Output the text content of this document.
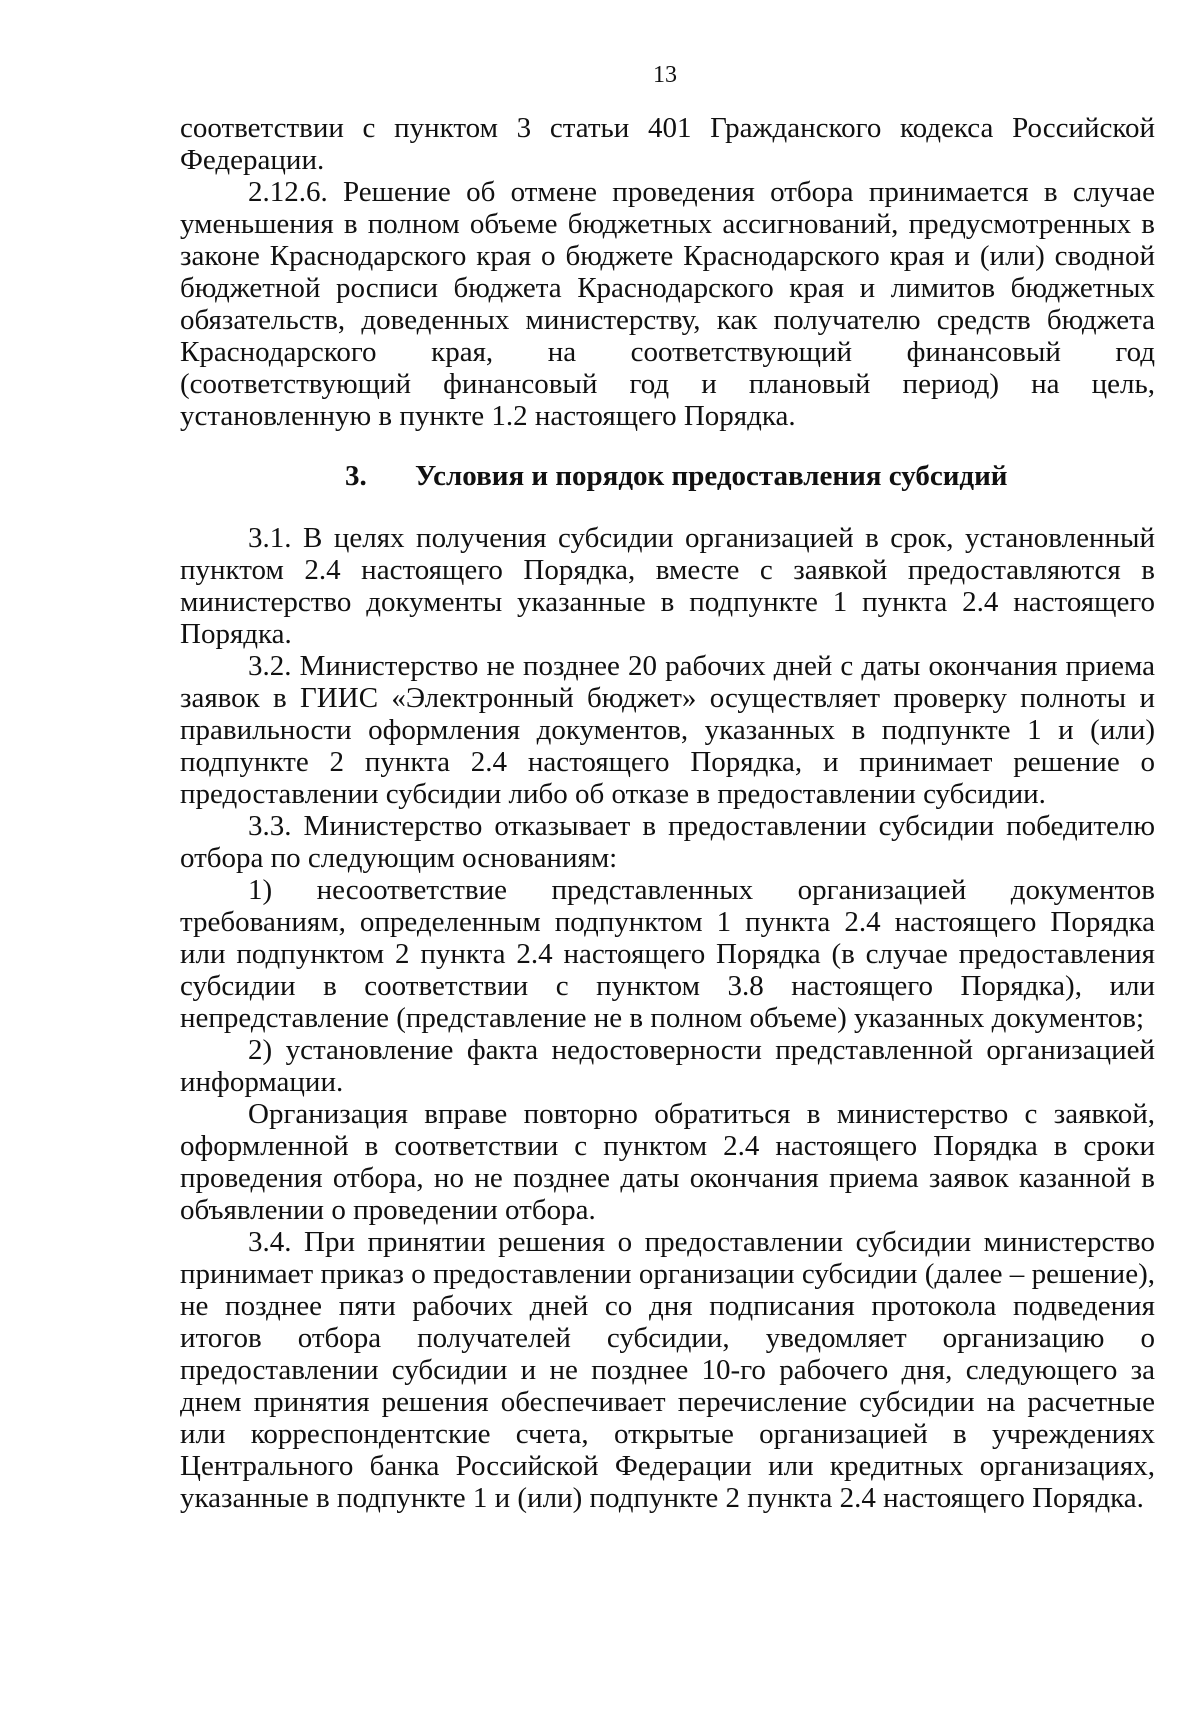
13

соответствии с пунктом 3 статьи 401 Гражданского кодекса Российской Федерации.

2.12.6. Решение об отмене проведения отбора принимается в случае уменьшения в полном объеме бюджетных ассигнований, предусмотренных в законе Краснодарского края о бюджете Краснодарского края и (или) сводной бюджетной росписи бюджета Краснодарского края и лимитов бюджетных обязательств, доведенных министерству, как получателю средств бюджета Краснодарского края, на соответствующий финансовый год (соответствующий финансовый год и плановый период) на цель, установленную в пункте 1.2 настоящего Порядка.

3. Условия и порядок предоставления субсидий

3.1. В целях получения субсидии организацией в срок, установленный пунктом 2.4 настоящего Порядка, вместе с заявкой предоставляются в министерство документы указанные в подпункте 1 пункта 2.4 настоящего Порядка.

3.2. Министерство не позднее 20 рабочих дней с даты окончания приема заявок в ГИИС «Электронный бюджет» осуществляет проверку полноты и правильности оформления документов, указанных в подпункте 1 и (или) подпункте 2 пункта 2.4 настоящего Порядка, и принимает решение о предоставлении субсидии либо об отказе в предоставлении субсидии.

3.3. Министерство отказывает в предоставлении субсидии победителю отбора по следующим основаниям:

1) несоответствие представленных организацией документов требованиям, определенным подпунктом 1 пункта 2.4 настоящего Порядка или подпунктом 2 пункта 2.4 настоящего Порядка (в случае предоставления субсидии в соответствии с пунктом 3.8 настоящего Порядка), или непредставление (представление не в полном объеме) указанных документов;

2) установление факта недостоверности представленной организацией информации.

Организация вправе повторно обратиться в министерство с заявкой, оформленной в соответствии с пунктом 2.4 настоящего Порядка в сроки проведения отбора, но не позднее даты окончания приема заявок казанной в объявлении о проведении отбора.

3.4. При принятии решения о предоставлении субсидии министерство принимает приказ о предоставлении организации субсидии (далее – решение), не позднее пяти рабочих дней со дня подписания протокола подведения итогов отбора получателей субсидии, уведомляет организацию о предоставлении субсидии и не позднее 10-го рабочего дня, следующего за днем принятия решения обеспечивает перечисление субсидии на расчетные или корреспондентские счета, открытые организацией в учреждениях Центрального банка Российской Федерации или кредитных организациях, указанные в подпункте 1 и (или) подпункте 2 пункта 2.4 настоящего Порядка.
